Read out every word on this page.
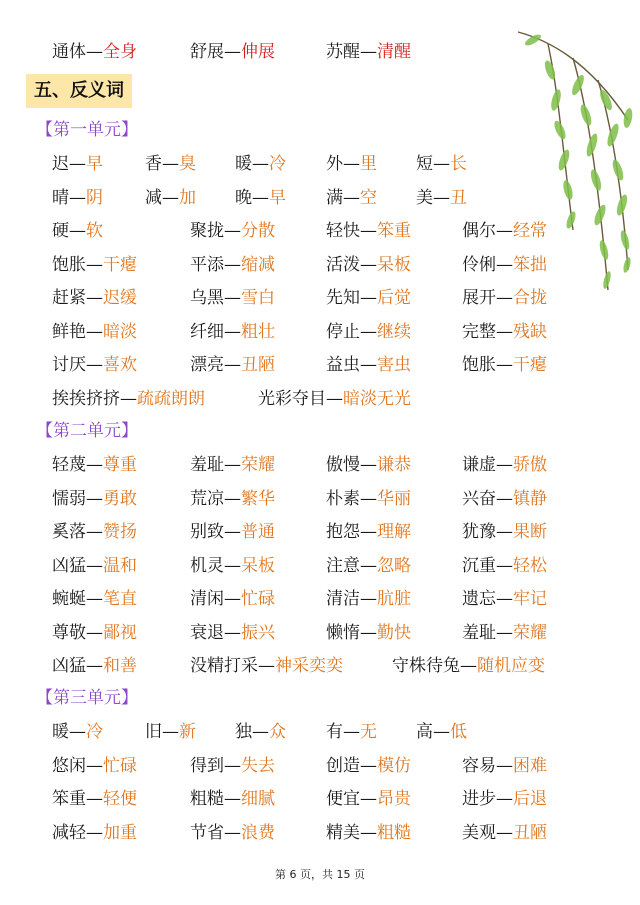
通体—全身	舒展—伸展	苏醒—清醒
五、反义词
【第一单元】
迟—早 香—臭 暖—冷 外—里 短—长
晴—阴 减—加 晚—早 满—空 美—丑
硬—软	聚拢—分散	轻快—笨重	偶尔—经常
饱胀—干瘪	平添—缩减	活泼—呆板	伶俐—笨拙
赶紧—迟缓	乌黑—雪白	先知—后觉	展开—合拢
鲜艳—暗淡	纤细—粗壮	停止—继续	完整—残缺
讨厌—喜欢	漂亮—丑陋	益虫—害虫	饱胀—干瘪
挨挨挤挤—疏疏朗朗	光彩夺目—暗淡无光
【第二单元】
轻蔑—尊重	羞耻—荣耀	傲慢—谦恭	谦虚—骄傲
懦弱—勇敢	荒凉—繁华	朴素—华丽	兴奋—镇静
奚落—赞扬	别致—普通	抱怨—理解	犹豫—果断
凶猛—温和	机灵—呆板	注意—忽略	沉重—轻松
蜿蜒—笔直	清闲—忙碌	清洁—肮脏	遗忘—牢记
尊敬—鄙视	衰退—振兴	懒惰—勤快	羞耻—荣耀
凶猛—和善	没精打采—神采奕奕	守株待兔—随机应变
【第三单元】
暖—冷 旧—新 独—众 有—无 高—低
悠闲—忙碌	得到—失去	创造—模仿	容易—困难
笨重—轻便	粗糙—细腻	便宜—昂贵	进步—后退
减轻—加重	节省—浪费	精美—粗糙	美观—丑陋
第 6 页，共 15 页
